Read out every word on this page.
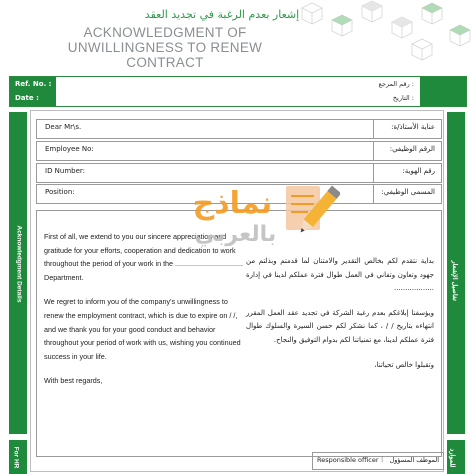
إشعار بعدم الرغبة في تجديد العقد
ACKNOWLEDGMENT OF
UNWILLINGNESS TO RENEW
CONTRACT
Ref. No. :
Date :
: رقم المرجع
: التاريخ
Acknowledgment Details
For HR
تفاصيل الإشعار
للموارد
Dear Mr\s.	عناية الأستاذ/ة:
Employee No:	الرقم الوظيفي:
ID Number:	رقم الهوية:
Position:	المسمى الوظيفي:

First of all, we extend to you our sincere appreciation and gratitude for your efforts, cooperation and dedication to work throughout the period of your work in the .................................. Department.

We regret to inform you of the company's unwillingness to renew the employment contract, which is due to expire on / /, and we thank you for your good conduct and behavior throughout your period of work with us, wishing you continued success in your life.

With best regards,

بداية نتقدم لكم بخالص التقدير والامتنان لما قدمتم وبذلتم من جهود وتعاون وتفاني في العمل طوال فترة عملكم لدينا في إدارة ..................

ويؤسفنا إبلاغكم بعدم رغبة الشركة في تجديد عقد العمل المقرر انتهاءه بتاريخ / / ، كما نشكر لكم حسن السيرة والسلوك طوال فترة عملكم لدينا، مع تمنياتنا لكم بدوام التوفيق والنجاح.

وتقبلوا خالص تحياتنا،

Responsible officer | الموظف المسؤول
نماذج
بالعربي
